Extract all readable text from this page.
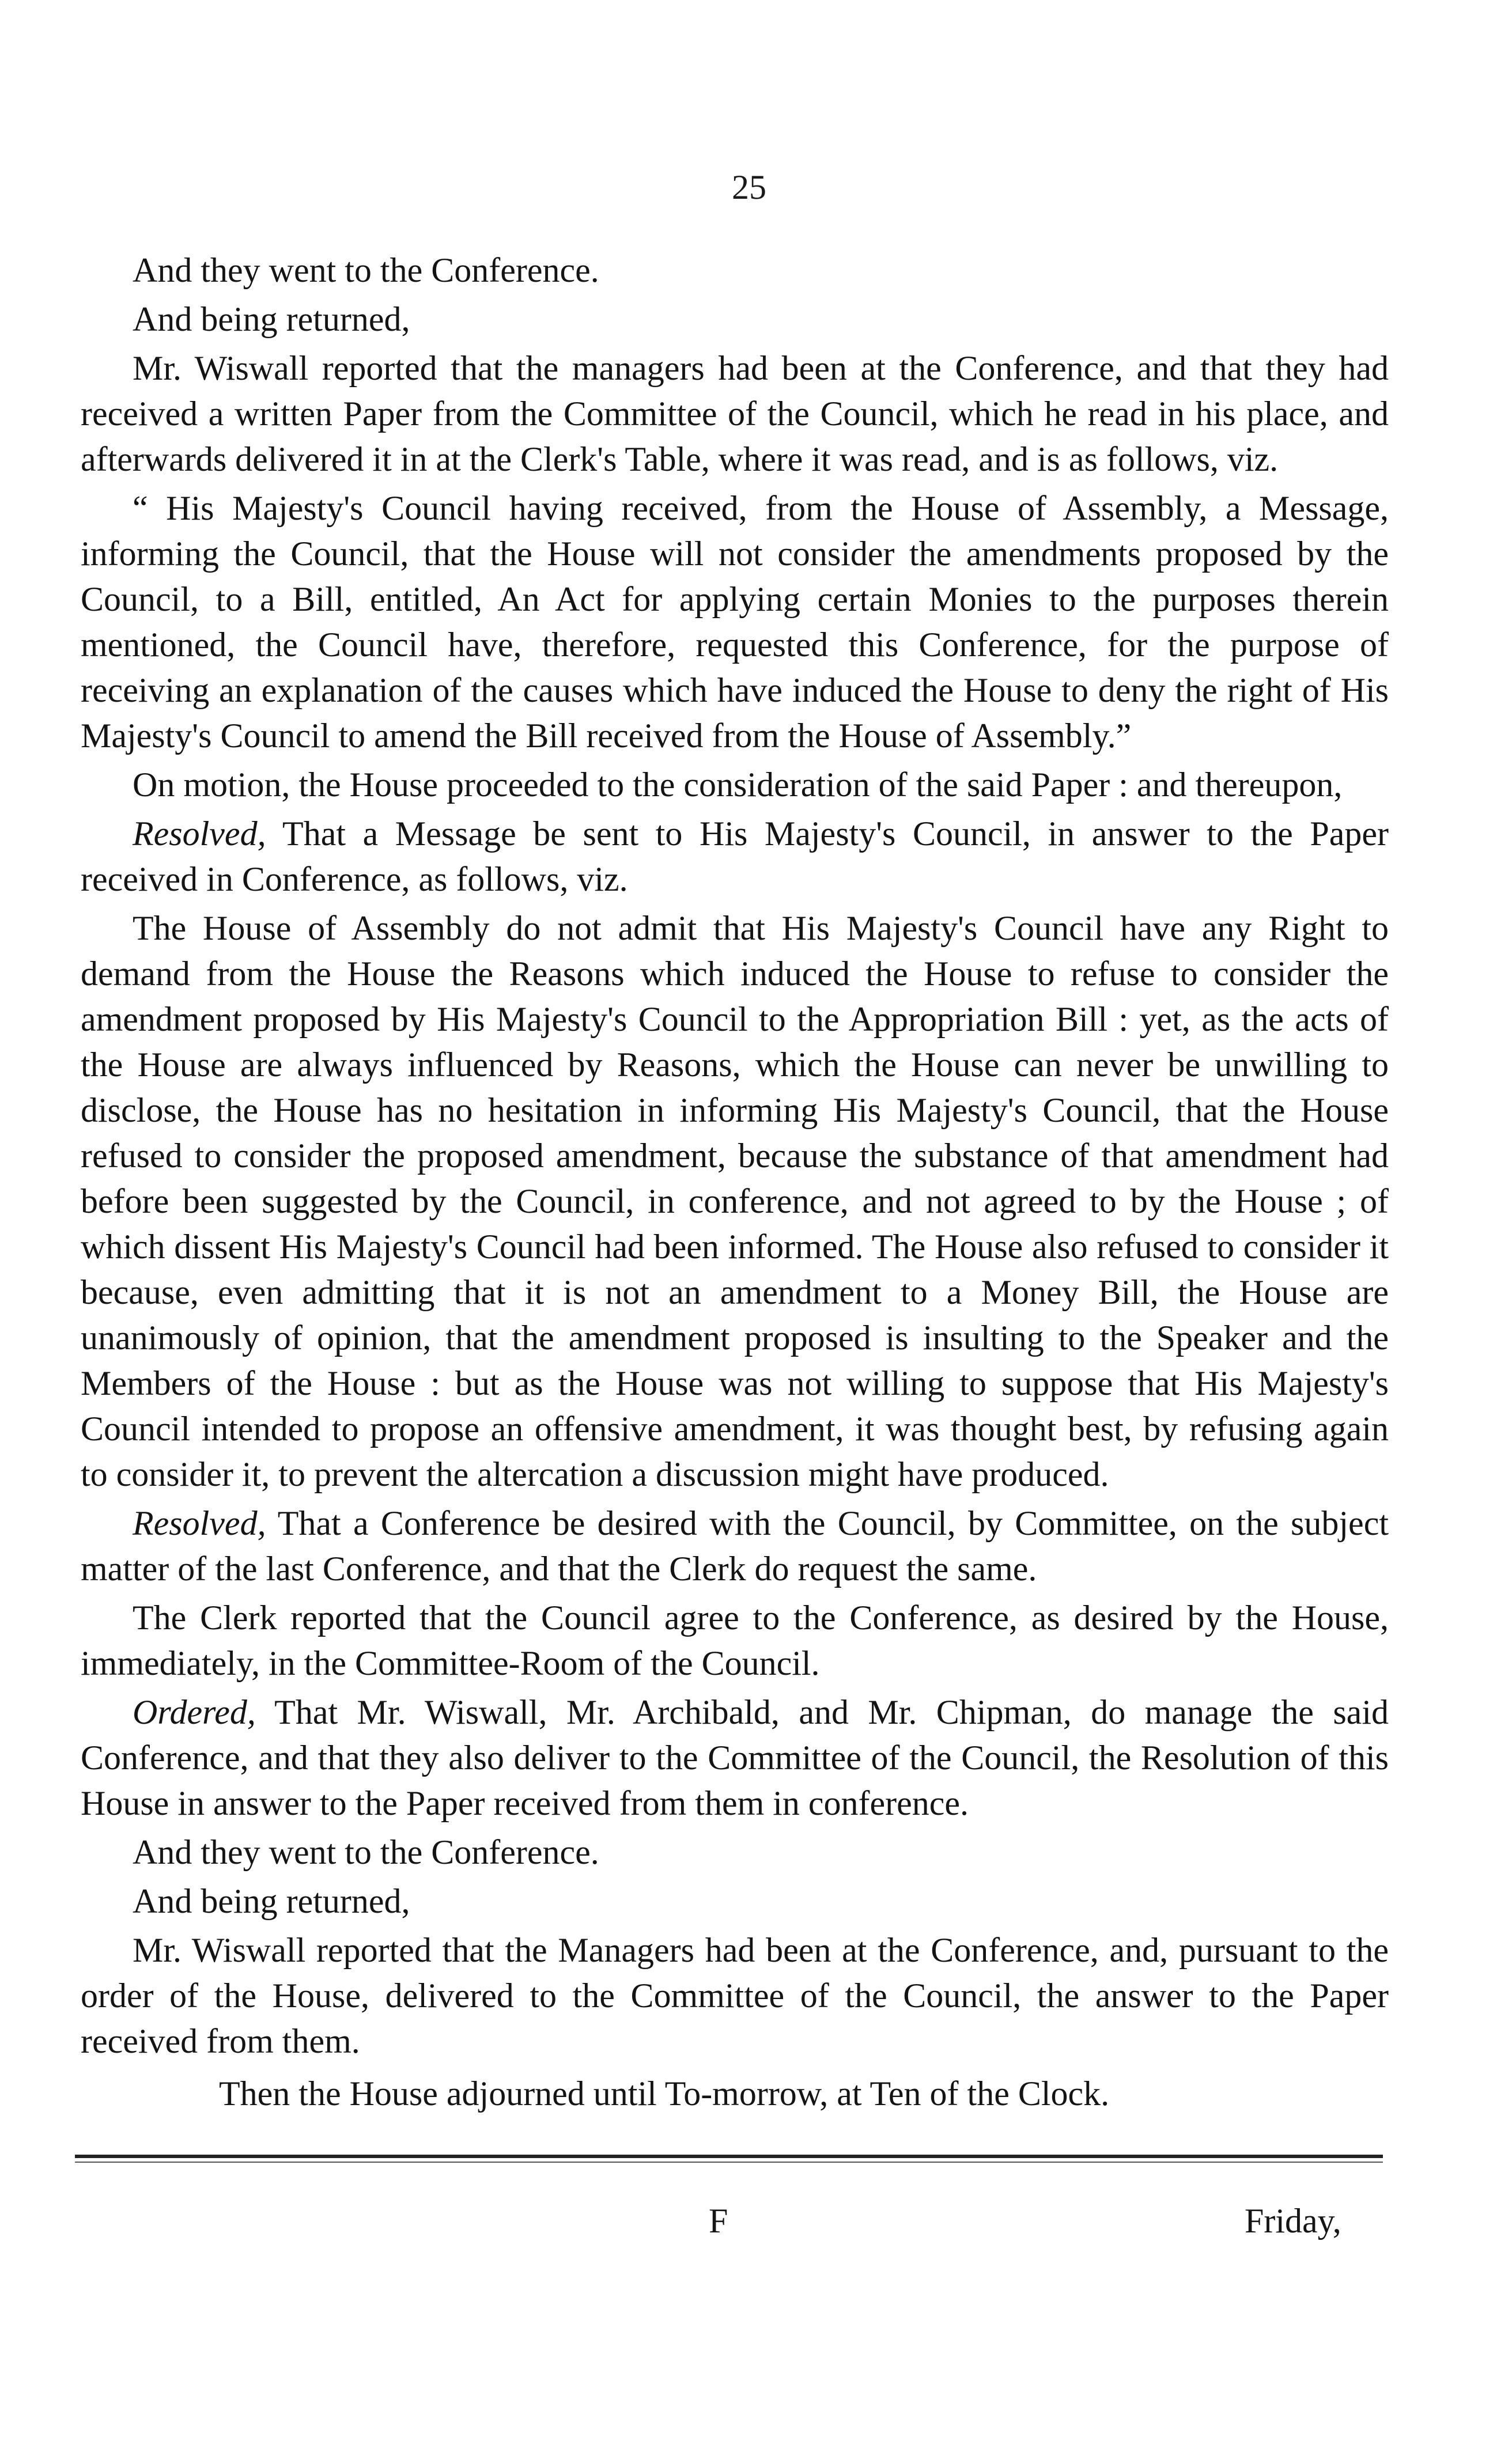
25

And they went to the Conference.

And being returned,

Mr. Wiswall reported that the managers had been at the Conference, and that they had received a written Paper from the Committee of the Council, which he read in his place, and afterwards delivered it in at the Clerk's Table, where it was read, and is as follows, viz.

“ His Majesty's Council having received, from the House of Assembly, a Message, informing the Council, that the House will not consider the amendments proposed by the Council, to a Bill, entitled, An Act for applying certain Monies to the purposes therein mentioned, the Council have, therefore, requested this Conference, for the purpose of receiving an explanation of the causes which have induced the House to deny the right of His Majesty's Council to amend the Bill received from the House of Assembly.”

On motion, the House proceeded to the consideration of the said Paper : and thereupon,

Resolved, That a Message be sent to His Majesty's Council, in answer to the Paper received in Conference, as follows, viz.

The House of Assembly do not admit that His Majesty's Council have any Right to demand from the House the Reasons which induced the House to refuse to consider the amendment proposed by His Majesty's Council to the Appropriation Bill : yet, as the acts of the House are always influenced by Reasons, which the House can never be unwilling to disclose, the House has no hesitation in informing His Majesty's Council, that the House refused to consider the proposed amendment, because the substance of that amendment had before been suggested by the Council, in conference, and not agreed to by the House ; of which dissent His Majesty's Council had been informed. The House also refused to consider it because, even admitting that it is not an amendment to a Money Bill, the House are unanimously of opinion, that the amendment proposed is insulting to the Speaker and the Members of the House : but as the House was not willing to suppose that His Majesty's Council intended to propose an offensive amendment, it was thought best, by refusing again to consider it, to prevent the altercation a discussion might have produced.

Resolved, That a Conference be desired with the Council, by Committee, on the subject matter of the last Conference, and that the Clerk do request the same.

The Clerk reported that the Council agree to the Conference, as desired by the House, immediately, in the Committee-Room of the Council.

Ordered, That Mr. Wiswall, Mr. Archibald, and Mr. Chipman, do manage the said Conference, and that they also deliver to the Committee of the Council, the Resolution of this House in answer to the Paper received from them in conference.

And they went to the Conference.

And being returned,

Mr. Wiswall reported that the Managers had been at the Conference, and, pursuant to the order of the House, delivered to the Committee of the Council, the answer to the Paper received from them.

Then the House adjourned until To-morrow, at Ten of the Clock.
F	Friday,
